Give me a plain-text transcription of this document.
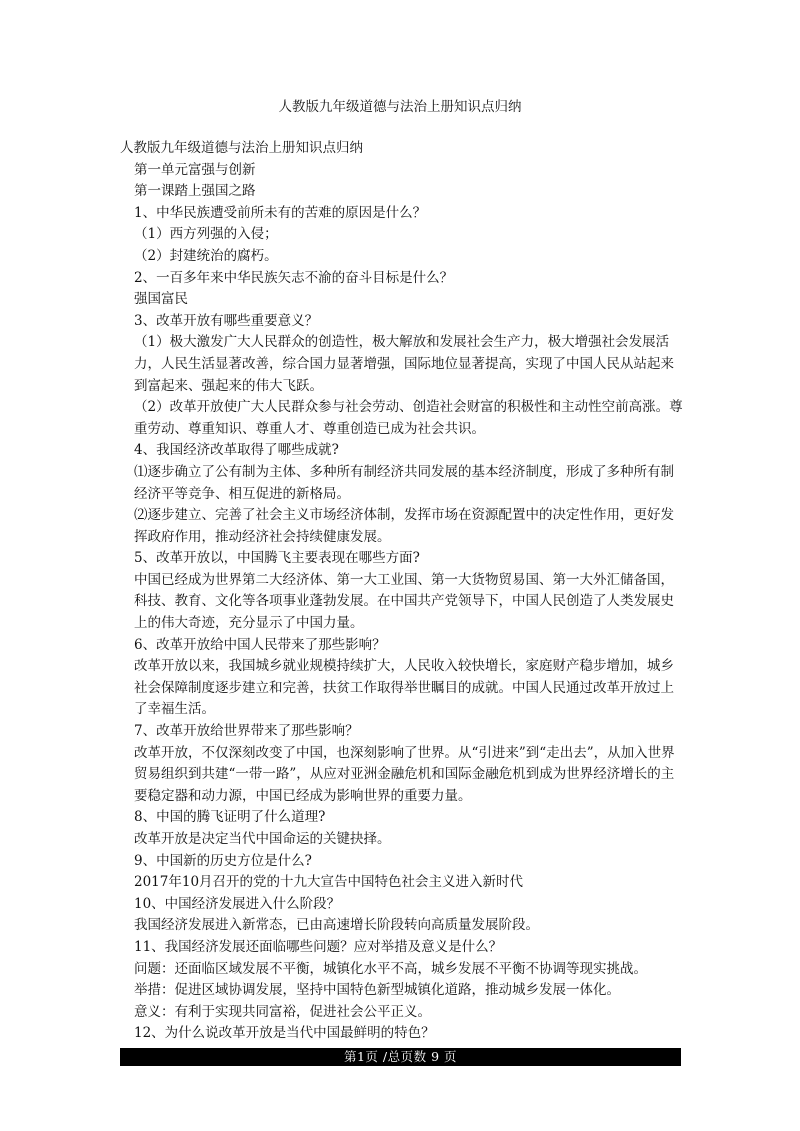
人教版九年级道德与法治上册知识点归纳

人教版九年级道德与法治上册知识点归纳

第一单元富强与创新

第一课踏上强国之路

1、中华民族遭受前所未有的苦难的原因是什么？

（1）西方列强的入侵；

（2）封建统治的腐朽。

2、一百多年来中华民族矢志不渝的奋斗目标是什么？

强国富民

3、改革开放有哪些重要意义？

（1）极大激发广大人民群众的创造性，极大解放和发展社会生产力，极大增强社会发展活力，人民生活显著改善，综合国力显著增强，国际地位显著提高，实现了中国人民从站起来到富起来、强起来的伟大飞跃。

（2）改革开放使广大人民群众参与社会劳动、创造社会财富的积极性和主动性空前高涨。尊重劳动、尊重知识、尊重人才、尊重创造已成为社会共识。

4、我国经济改革取得了哪些成就?

⑴逐步确立了公有制为主体、多种所有制经济共同发展的基本经济制度，形成了多种所有制经济平等竞争、相互促进的新格局。

⑵逐步建立、完善了社会主义市场经济体制，发挥市场在资源配置中的决定性作用，更好发挥政府作用，推动经济社会持续健康发展。

5、改革开放以，中国腾飞主要表现在哪些方面?

中国已经成为世界第二大经济体、第一大工业国、第一大货物贸易国、第一大外汇储备国，科技、教育、文化等各项事业蓬勃发展。在中国共产党领导下，中国人民创造了人类发展史上的伟大奇迹，充分显示了中国力量。

6、改革开放给中国人民带来了那些影响？

改革开放以来，我国城乡就业规模持续扩大，人民收入较快增长，家庭财产稳步增加，城乡社会保障制度逐步建立和完善，扶贫工作取得举世瞩目的成就。中国人民通过改革开放过上了幸福生活。

7、改革开放给世界带来了那些影响？

改革开放，不仅深刻改变了中国，也深刻影响了世界。从“引进来”到“走出去”，从加入世界贸易组织到共建“一带一路”，从应对亚洲金融危机和国际金融危机到成为世界经济增长的主要稳定器和动力源，中国已经成为影响世界的重要力量。

8、中国的腾飞证明了什么道理?

改革开放是决定当代中国命运的关键抉择。

9、中国新的历史方位是什么?

2017年10月召开的党的十九大宣告中国特色社会主义进入新时代

10、中国经济发展进入什么阶段？

我国经济发展进入新常态，已由高速增长阶段转向高质量发展阶段。

11、我国经济发展还面临哪些问题？应对举措及意义是什么？

问题：还面临区域发展不平衡，城镇化水平不高，城乡发展不平衡不协调等现实挑战。

举措：促进区域协调发展，坚持中国特色新型城镇化道路，推动城乡发展一体化。

意义：有利于实现共同富裕，促进社会公平正义。

12、为什么说改革开放是当代中国最鲜明的特色？

第1页 /总页数 9 页
